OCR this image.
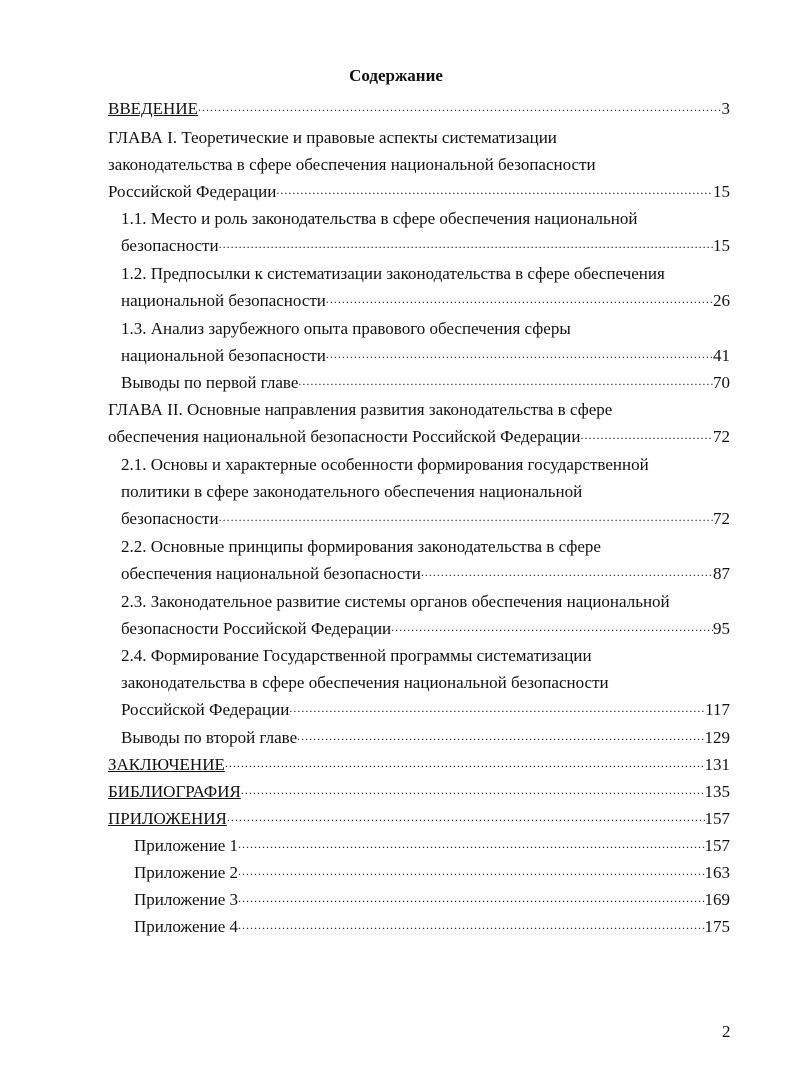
Содержание
ВВЕДЕНИЕ .....	3
ГЛАВА I. Теоретические и правовые аспекты систематизации
законодательства в сфере обеспечения национальной безопасности
Российской Федерации .....	15
1.1. Место и роль законодательства в сфере обеспечения национальной
безопасности .....	15
1.2. Предпосылки к систематизации законодательства в сфере обеспечения
национальной безопасности .....	26
1.3. Анализ зарубежного опыта правового обеспечения сферы
национальной безопасности .....	41
Выводы по первой главе .....	70
ГЛАВА II. Основные направления развития законодательства в сфере
обеспечения национальной безопасности Российской Федерации .....	72
2.1. Основы и характерные особенности формирования государственной
политики в сфере законодательного обеспечения национальной
безопасности .....	72
2.2. Основные принципы формирования законодательства в сфере
обеспечения национальной безопасности .....	87
2.3. Законодательное развитие системы органов обеспечения национальной
безопасности Российской Федерации .....	95
2.4. Формирование Государственной программы систематизации
законодательства в сфере обеспечения национальной безопасности
Российской Федерации .....	117
Выводы по второй главе .....	129
ЗАКЛЮЧЕНИЕ .....	131
БИБЛИОГРАФИЯ .....	135
ПРИЛОЖЕНИЯ .....	157
Приложение 1 .....	157
Приложение 2 .....	163
Приложение 3 .....	169
Приложение 4 .....	175
2
